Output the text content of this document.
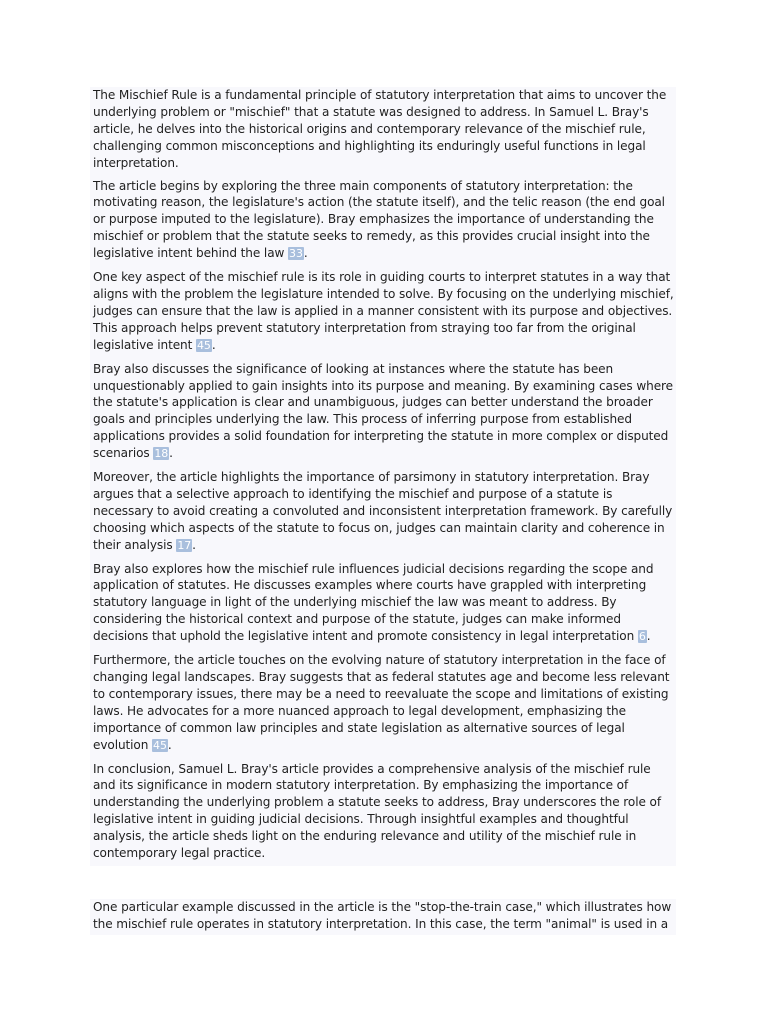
The Mischief Rule is a fundamental principle of statutory interpretation that aims to uncover the underlying problem or "mischief" that a statute was designed to address. In Samuel L. Bray's article, he delves into the historical origins and contemporary relevance of the mischief rule, challenging common misconceptions and highlighting its enduringly useful functions in legal interpretation.

The article begins by exploring the three main components of statutory interpretation: the motivating reason, the legislature's action (the statute itself), and the telic reason (the end goal or purpose imputed to the legislature). Bray emphasizes the importance of understanding the mischief or problem that the statute seeks to remedy, as this provides crucial insight into the legislative intent behind the law 33.

One key aspect of the mischief rule is its role in guiding courts to interpret statutes in a way that aligns with the problem the legislature intended to solve. By focusing on the underlying mischief, judges can ensure that the law is applied in a manner consistent with its purpose and objectives. This approach helps prevent statutory interpretation from straying too far from the original legislative intent 45.

Bray also discusses the significance of looking at instances where the statute has been unquestionably applied to gain insights into its purpose and meaning. By examining cases where the statute's application is clear and unambiguous, judges can better understand the broader goals and principles underlying the law. This process of inferring purpose from established applications provides a solid foundation for interpreting the statute in more complex or disputed scenarios 18.

Moreover, the article highlights the importance of parsimony in statutory interpretation. Bray argues that a selective approach to identifying the mischief and purpose of a statute is necessary to avoid creating a convoluted and inconsistent interpretation framework. By carefully choosing which aspects of the statute to focus on, judges can maintain clarity and coherence in their analysis 17.

Bray also explores how the mischief rule influences judicial decisions regarding the scope and application of statutes. He discusses examples where courts have grappled with interpreting statutory language in light of the underlying mischief the law was meant to address. By considering the historical context and purpose of the statute, judges can make informed decisions that uphold the legislative intent and promote consistency in legal interpretation 6.

Furthermore, the article touches on the evolving nature of statutory interpretation in the face of changing legal landscapes. Bray suggests that as federal statutes age and become less relevant to contemporary issues, there may be a need to reevaluate the scope and limitations of existing laws. He advocates for a more nuanced approach to legal development, emphasizing the importance of common law principles and state legislation as alternative sources of legal evolution 45.

In conclusion, Samuel L. Bray's article provides a comprehensive analysis of the mischief rule and its significance in modern statutory interpretation. By emphasizing the importance of understanding the underlying problem a statute seeks to address, Bray underscores the role of legislative intent in guiding judicial decisions. Through insightful examples and thoughtful analysis, the article sheds light on the enduring relevance and utility of the mischief rule in contemporary legal practice.

One particular example discussed in the article is the "stop-the-train case," which illustrates how the mischief rule operates in statutory interpretation. In this case, the term "animal" is used in a
